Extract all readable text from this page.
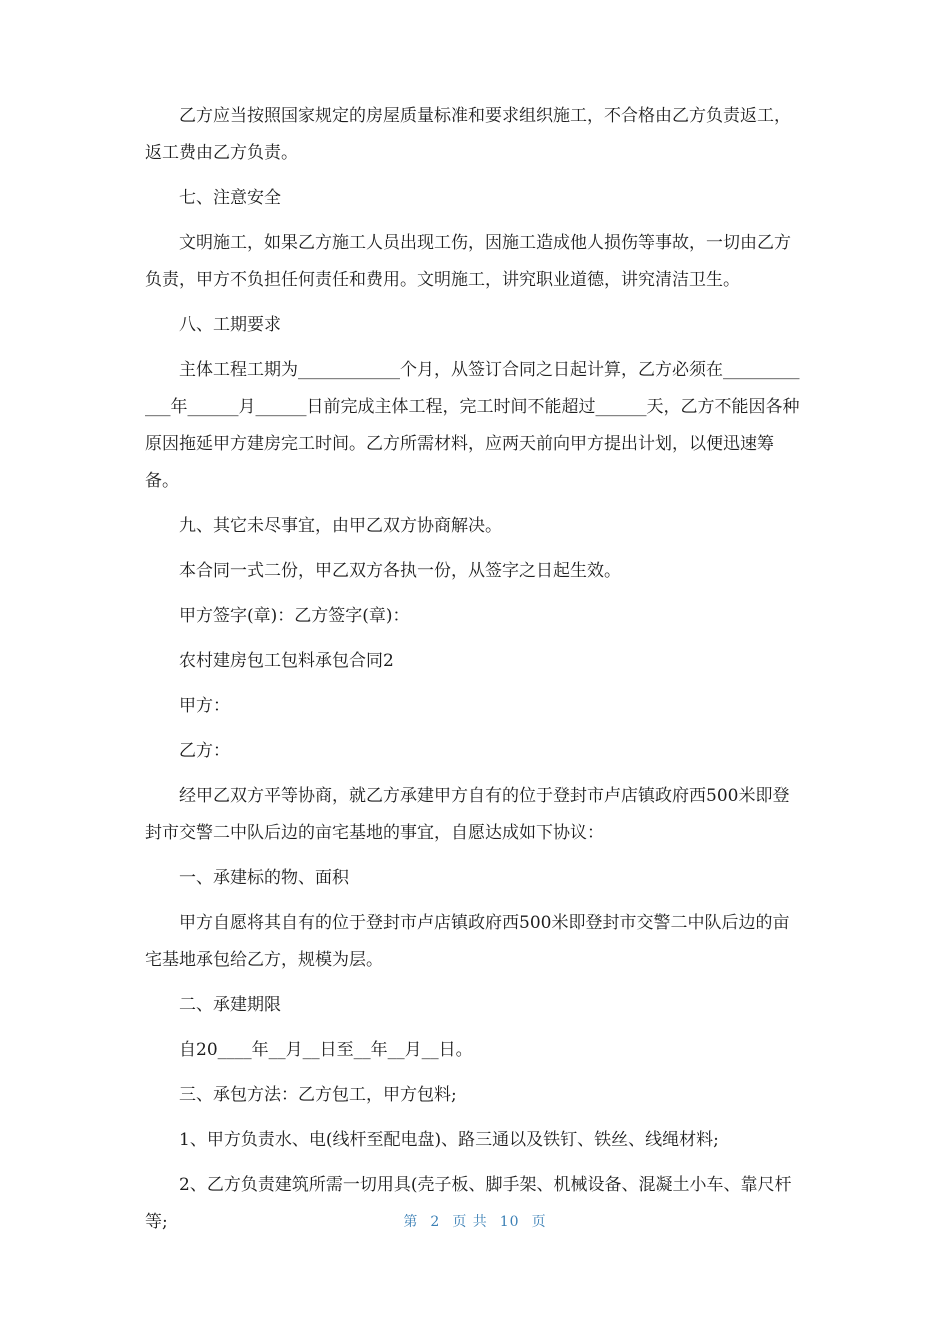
乙方应当按照国家规定的房屋质量标准和要求组织施工，不合格由乙方负责返工，返工费由乙方负责。

七、注意安全

文明施工，如果乙方施工人员出现工伤，因施工造成他人损伤等事故，一切由乙方负责，甲方不负担任何责任和费用。文明施工，讲究职业道德，讲究清洁卫生。

八、工期要求

主体工程工期为____________个月，从签订合同之日起计算，乙方必须在____________年______月______日前完成主体工程，完工时间不能超过______天，乙方不能因各种原因拖延甲方建房完工时间。乙方所需材料，应两天前向甲方提出计划，以便迅速筹备。

九、其它未尽事宜，由甲乙双方协商解决。

本合同一式二份，甲乙双方各执一份，从签字之日起生效。

甲方签字(章)：乙方签字(章)：

农村建房包工包料承包合同2

甲方：

乙方：

经甲乙双方平等协商，就乙方承建甲方自有的位于登封市卢店镇政府西500米即登封市交警二中队后边的亩宅基地的事宜，自愿达成如下协议：

一、承建标的物、面积

甲方自愿将其自有的位于登封市卢店镇政府西500米即登封市交警二中队后边的亩宅基地承包给乙方，规模为层。

二、承建期限

自20____年__月__日至__年__月__日。

三、承包方法：乙方包工，甲方包料;

1、甲方负责水、电(线杆至配电盘)、路三通以及铁钉、铁丝、线绳材料;

2、乙方负责建筑所需一切用具(壳子板、脚手架、机械设备、混凝土小车、靠尺杆等;	第 2 页 共 10 页
